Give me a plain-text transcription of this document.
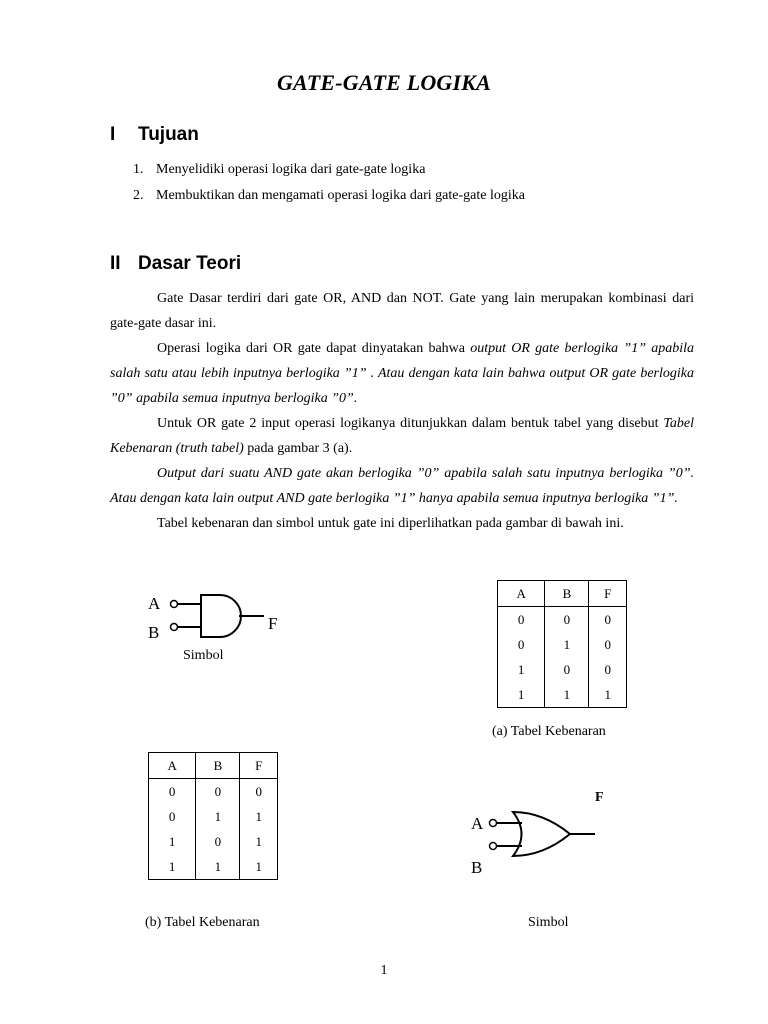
GATE-GATE LOGIKA
I Tujuan
1. Menyelidiki operasi logika dari gate-gate logika
2. Membuktikan dan mengamati operasi logika dari gate-gate logika
II Dasar Teori

Gate Dasar terdiri dari gate OR, AND dan NOT. Gate yang lain merupakan kombinasi dari gate-gate dasar ini.

Operasi logika dari OR gate dapat dinyatakan bahwa output OR gate berlogika ”1” apabila salah satu atau lebih inputnya berlogika ”1” . Atau dengan kata lain bahwa output OR gate berlogika ”0” apabila semua inputnya berlogika ”0”.

Untuk OR gate 2 input operasi logikanya ditunjukkan dalam bentuk tabel yang disebut Tabel Kebenaran (truth tabel) pada gambar 3 (a).

Output dari suatu AND gate akan berlogika ”0” apabila salah satu inputnya berlogika ”0”. Atau dengan kata lain output AND gate berlogika ”1” hanya apabila semua inputnya berlogika ”1”.

Tabel kebenaran dan simbol untuk gate ini diperlihatkan pada gambar di bawah ini.

A
B	F
Simbol
A	B	F
0	0	0
0	1	0
1	0	0
1	1	1
(a) Tabel Kebenaran
A	B	F
0	0	0
0	1	1
1	0	1
1	1	1
(b) Tabel Kebenaran
F
A
B
Simbol
1
